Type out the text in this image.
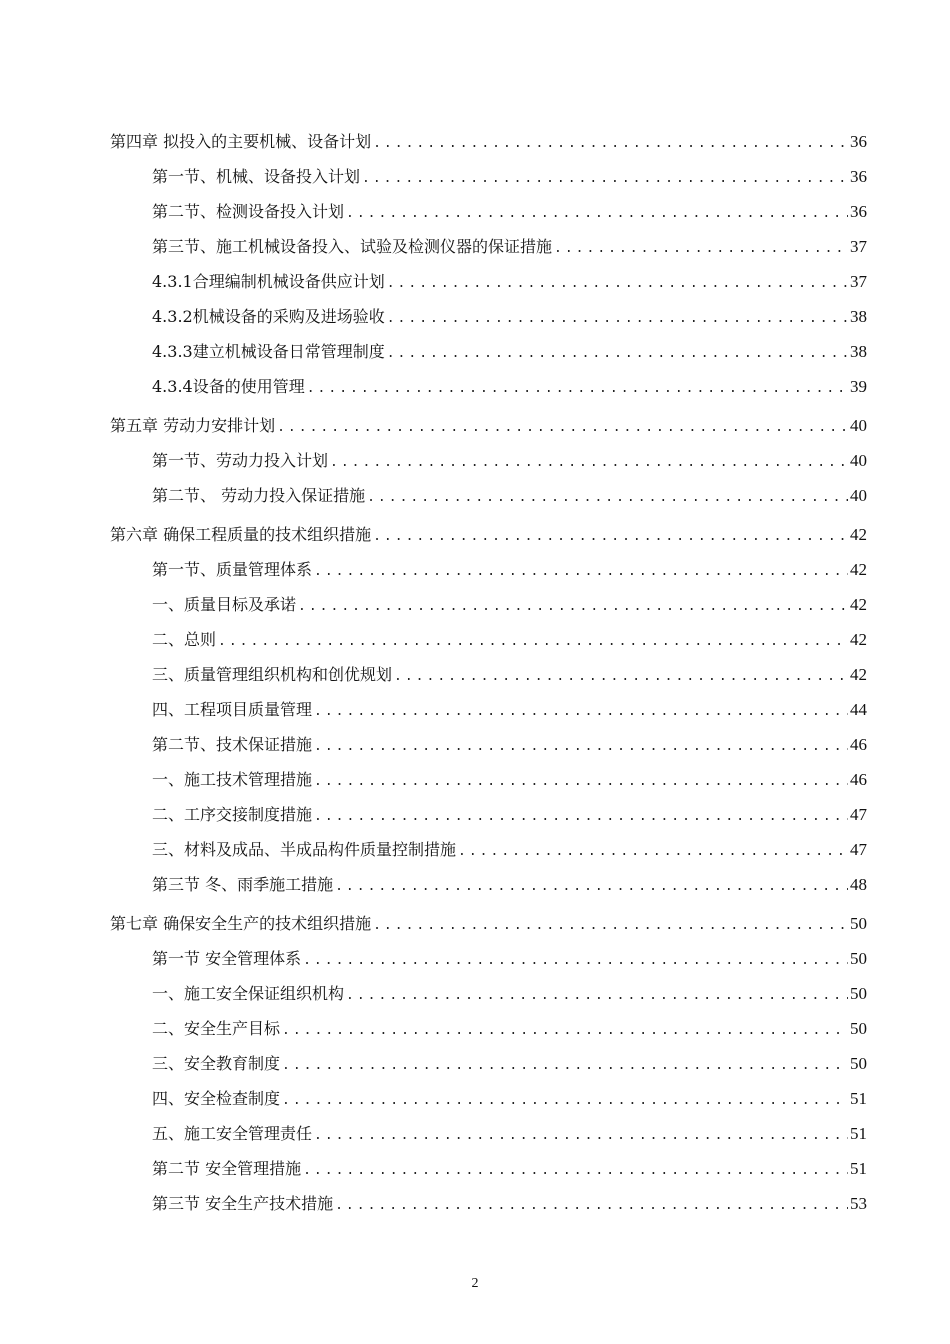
第四章 拟投入的主要机械、设备计划 .....	36
第一节、机械、设备投入计划 .....	36
第二节、检测设备投入计划 .....	36
第三节、施工机械设备投入、试验及检测仪器的保证措施 .....	37
4.3.1合理编制机械设备供应计划 .....	37
4.3.2机械设备的采购及进场验收 .....	38
4.3.3建立机械设备日常管理制度 .....	38
4.3.4设备的使用管理 .....	39
第五章 劳动力安排计划 .....	40
第一节、劳动力投入计划 .....	40
第二节、 劳动力投入保证措施 .....	40
第六章 确保工程质量的技术组织措施 .....	42
第一节、质量管理体系 .....	42
一、质量目标及承诺 .....	42
二、总则 .....	42
三、质量管理组织机构和创优规划 .....	42
四、工程项目质量管理 .....	44
第二节、技术保证措施 .....	46
一、施工技术管理措施 .....	46
二、工序交接制度措施 .....	47
三、材料及成品、半成品构件质量控制措施 .....	47
第三节 冬、雨季施工措施 .....	48
第七章 确保安全生产的技术组织措施 .....	50
第一节 安全管理体系 .....	50
一、施工安全保证组织机构 .....	50
二、安全生产目标 .....	50
三、安全教育制度 .....	50
四、安全检查制度 .....	51
五、施工安全管理责任 .....	51
第二节 安全管理措施 .....	51
第三节 安全生产技术措施 .....	53
2
